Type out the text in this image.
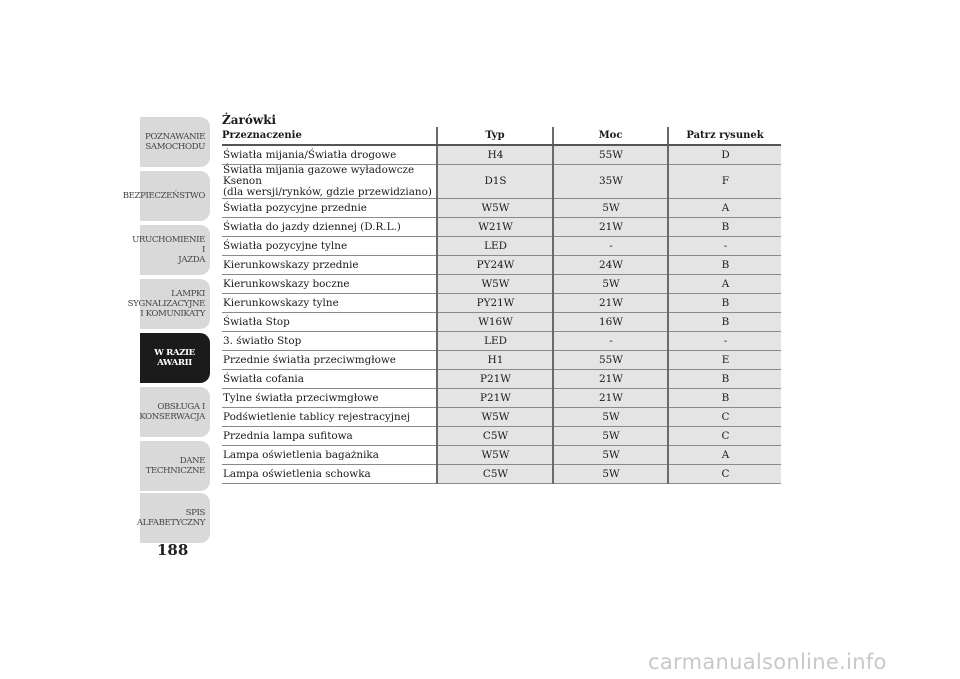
POZNAWANIE
SAMOCHODU
BEZPIECZEŃSTWO
URUCHOMIENIE I
JAZDA
LAMPKI
SYGNALIZACYJNE
I KOMUNIKATY
W RAZIE AWARII
OBSŁUGA I
KONSERWACJA
DANE
TECHNICZNE
SPIS
ALFABETYCZNY
188
Żarówki
Przeznaczenie	Typ	Moc	Patrz rysunek
Światła mijania/Światła drogowe	H4	55W	D
Światła mijania gazowe wyładowcze Ksenon
(dla wersji/rynków, gdzie przewidziano)	D1S	35W	F
Światła pozycyjne przednie	W5W	5W	A
Światła do jazdy dziennej (D.R.L.)	W21W	21W	B
Światła pozycyjne tylne	LED	-	-
Kierunkowskazy przednie	PY24W	24W	B
Kierunkowskazy boczne	W5W	5W	A
Kierunkowskazy tylne	PY21W	21W	B
Światła Stop	W16W	16W	B
3. światło Stop	LED	-	-
Przednie światła przeciwmgłowe	H1	55W	E
Światła cofania	P21W	21W	B
Tylne światła przeciwmgłowe	P21W	21W	B
Podświetlenie tablicy rejestracyjnej	W5W	5W	C
Przednia lampa sufitowa	C5W	5W	C
Lampa oświetlenia bagażnika	W5W	5W	A
Lampa oświetlenia schowka	C5W	5W	C
carmanualsonline.info
